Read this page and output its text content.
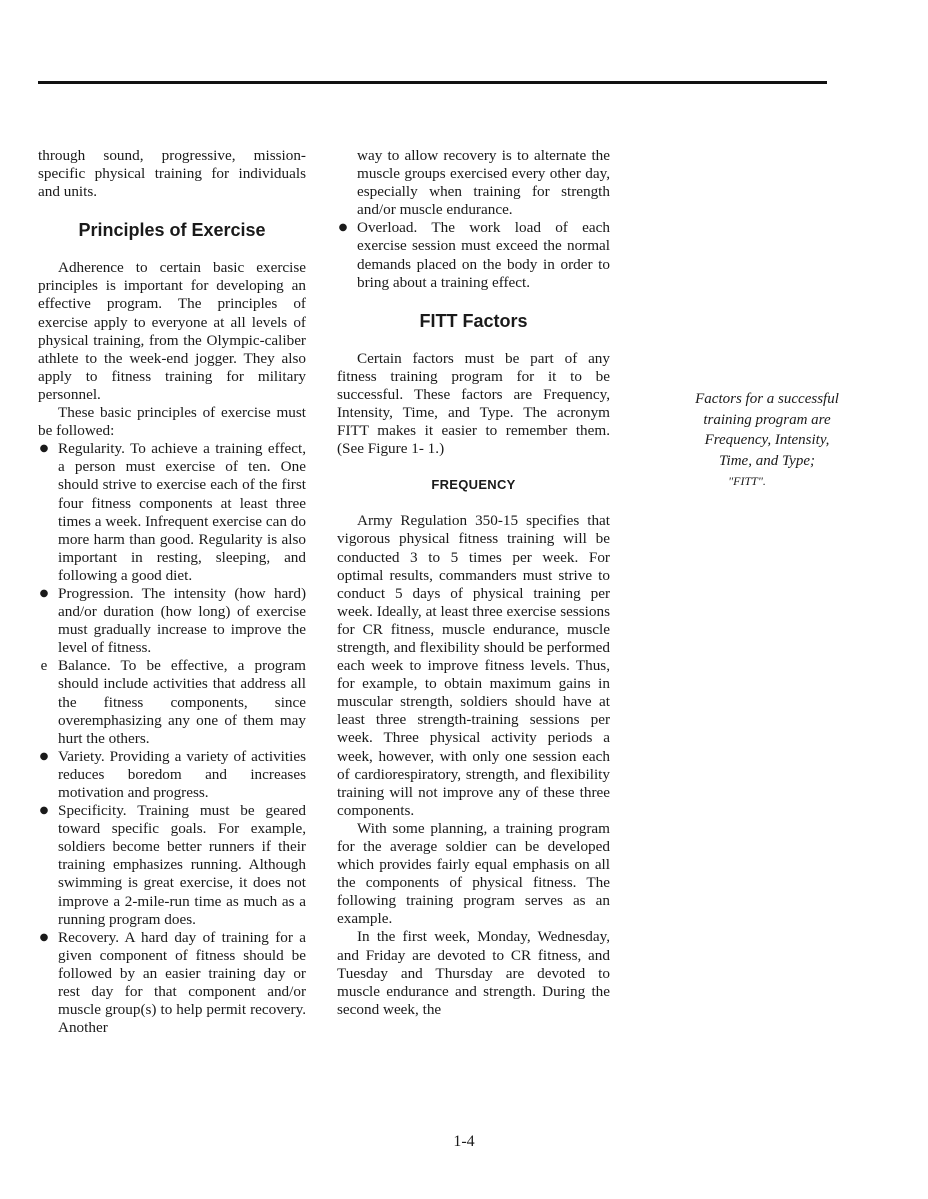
through sound, progressive, mission-specific physical training for individuals and units.

Principles of Exercise

Adherence to certain basic exercise principles is important for developing an effective program. The principles of exercise apply to everyone at all levels of physical training, from the Olympic-caliber athlete to the week-end jogger. They also apply to fitness training for military personnel.

These basic principles of exercise must be followed:

● Regularity. To achieve a training effect, a person must exercise of ten. One should strive to exercise each of the first four fitness components at least three times a week. Infrequent exercise can do more harm than good. Regularity is also important in resting, sleeping, and following a good diet.
● Progression. The intensity (how hard) and/or duration (how long) of exercise must gradually increase to improve the level of fitness.
e Balance. To be effective, a program should include activities that address all the fitness components, since overemphasizing any one of them may hurt the others.
● Variety. Providing a variety of activities reduces boredom and increases motivation and progress.
● Specificity. Training must be geared toward specific goals. For example, soldiers become better runners if their training emphasizes running. Although swimming is great exercise, it does not improve a 2-mile-run time as much as a running program does.
● Recovery. A hard day of training for a given component of fitness should be followed by an easier training day or rest day for that component and/or muscle group(s) to help permit recovery. Another

way to allow recovery is to alternate the muscle groups exercised every other day, especially when training for strength and/or muscle endurance.

● Overload. The work load of each exercise session must exceed the normal demands placed on the body in order to bring about a training effect.
FITT Factors

Certain factors must be part of any fitness training program for it to be successful. These factors are Frequency, Intensity, Time, and Type. The acronym FITT makes it easier to remember them. (See Figure 1- 1.)

FREQUENCY

Army Regulation 350-15 specifies that vigorous physical fitness training will be conducted 3 to 5 times per week. For optimal results, commanders must strive to conduct 5 days of physical training per week. Ideally, at least three exercise sessions for CR fitness, muscle endurance, muscle strength, and flexibility should be performed each week to improve fitness levels. Thus, for example, to obtain maximum gains in muscular strength, soldiers should have at least three strength-training sessions per week. Three physical activity periods a week, however, with only one session each of cardiorespiratory, strength, and flexibility training will not improve any of these three components.

With some planning, a training program for the average soldier can be developed which provides fairly equal emphasis on all the components of physical fitness. The following training program serves as an example.

In the first week, Monday, Wednesday, and Friday are devoted to CR fitness, and Tuesday and Thursday are devoted to muscle endurance and strength. During the second week, the

Factors for a successful
training program are
Frequency, Intensity,
Time, and Type;
"FITT".
1-4
